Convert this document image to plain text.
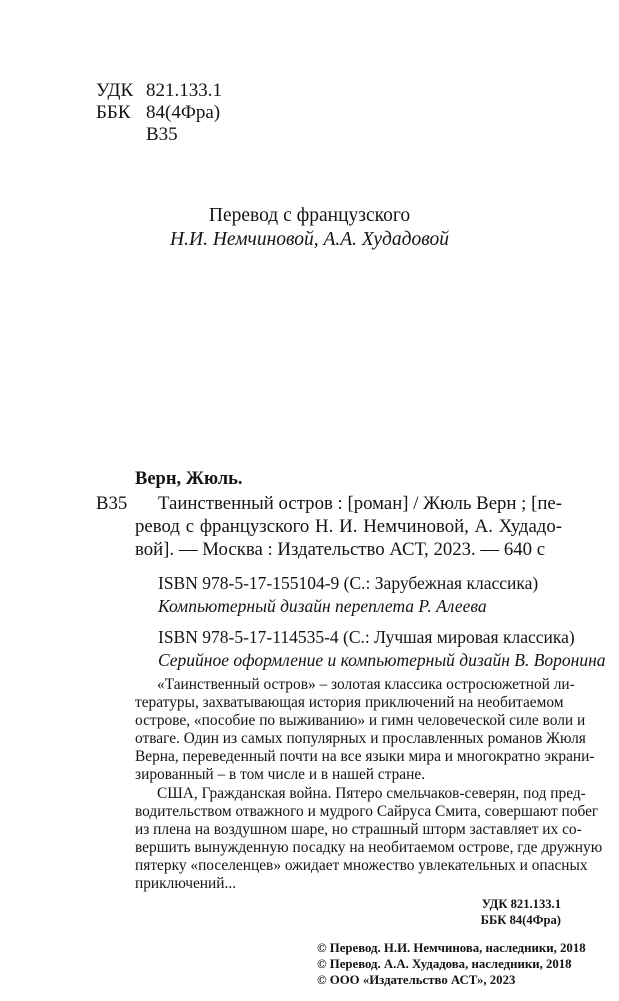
УДК 821.133.1
ББК 84(4Фра)
В35
Перевод с французского
Н.И. Немчиновой, А.А. Худадовой
Верн, Жюль.
В35 Таинственный остров : [роман] / Жюль Верн ; [пе-
ревод с французского Н. И. Немчиновой, А. Худадо-
вой]. — Москва : Издательство АСТ, 2023. — 640 с
ISBN 978-5-17-155104-9 (С.: Зарубежная классика)
Компьютерный дизайн переплета Р. Алеева
ISBN 978-5-17-114535-4 (С.: Лучшая мировая классика)
Серийное оформление и компьютерный дизайн В. Воронина
«Таинственный остров» – золотая классика остросюжетной ли-
тературы, захватывающая история приключений на необитаемом
острове, «пособие по выживанию» и гимн человеческой силе воли и
отваге. Один из самых популярных и прославленных романов Жюля
Верна, переведенный почти на все языки мира и многократно экрани-
зированный – в том числе и в нашей стране.
США, Гражданская война. Пятеро смельчаков-северян, под пред-
водительством отважного и мудрого Сайруса Смита, совершают побег
из плена на воздушном шаре, но страшный шторм заставляет их со-
вершить вынужденную посадку на необитаемом острове, где дружную
пятерку «поселенцев» ожидает множество увлекательных и опасных
приключений...
УДК 821.133.1
ББК 84(4Фра)
© Перевод. Н.И. Немчинова, наследники, 2018
© Перевод. А.А. Худадова, наследники, 2018
© ООО «Издательство АСТ», 2023
